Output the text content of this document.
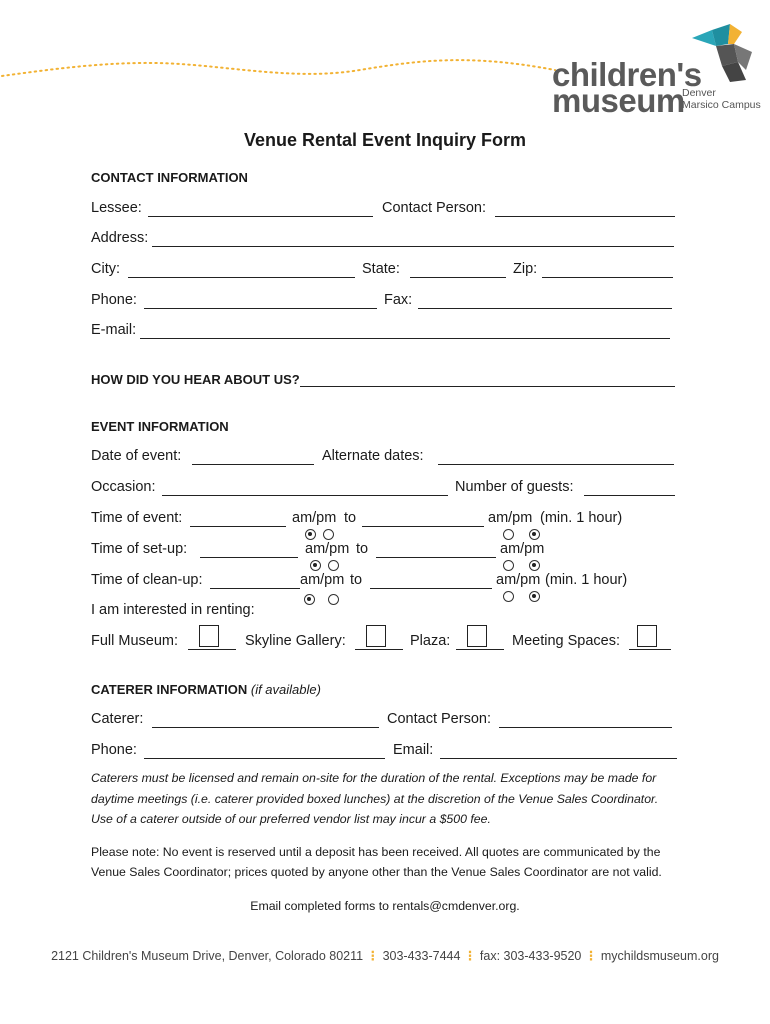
children's
museum
Denver
Marsico Campus
Venue Rental Event Inquiry Form
CONTACT INFORMATION
Lessee:	Contact Person:
Address:
City:	State:	Zip:
Phone:	Fax:
E-mail:
HOW DID YOU HEAR ABOUT US?
EVENT INFORMATION
Date of event:	Alternate dates:
Occasion:	Number of guests:
Time of event:	am/pm to	am/pm (min. 1 hour)
Time of set-up:	am/pm to	am/pm
Time of clean-up:	am/pm to	am/pm (min. 1 hour)
I am interested in renting:
Full Museum:	Skyline Gallery:	Plaza:	Meeting Spaces:
CATERER INFORMATION (if available)
Caterer:	Contact Person:
Phone:	Email:
Caterers must be licensed and remain on-site for the duration of the rental. Exceptions may be made for
daytime meetings (i.e. caterer provided boxed lunches) at the discretion of the Venue Sales Coordinator.
Use of a caterer outside of our preferred vendor list may incur a $500 fee.
Please note: No event is reserved until a deposit has been received. All quotes are communicated by the
Venue Sales Coordinator; prices quoted by anyone other than the Venue Sales Coordinator are not valid.
Email completed forms to rentals@cmdenver.org.
2121 Children's Museum Drive, Denver, Colorado 80211 ⋮ 303-433-7444 ⋮ fax: 303-433-9520 ⋮ mychildsmuseum.org
